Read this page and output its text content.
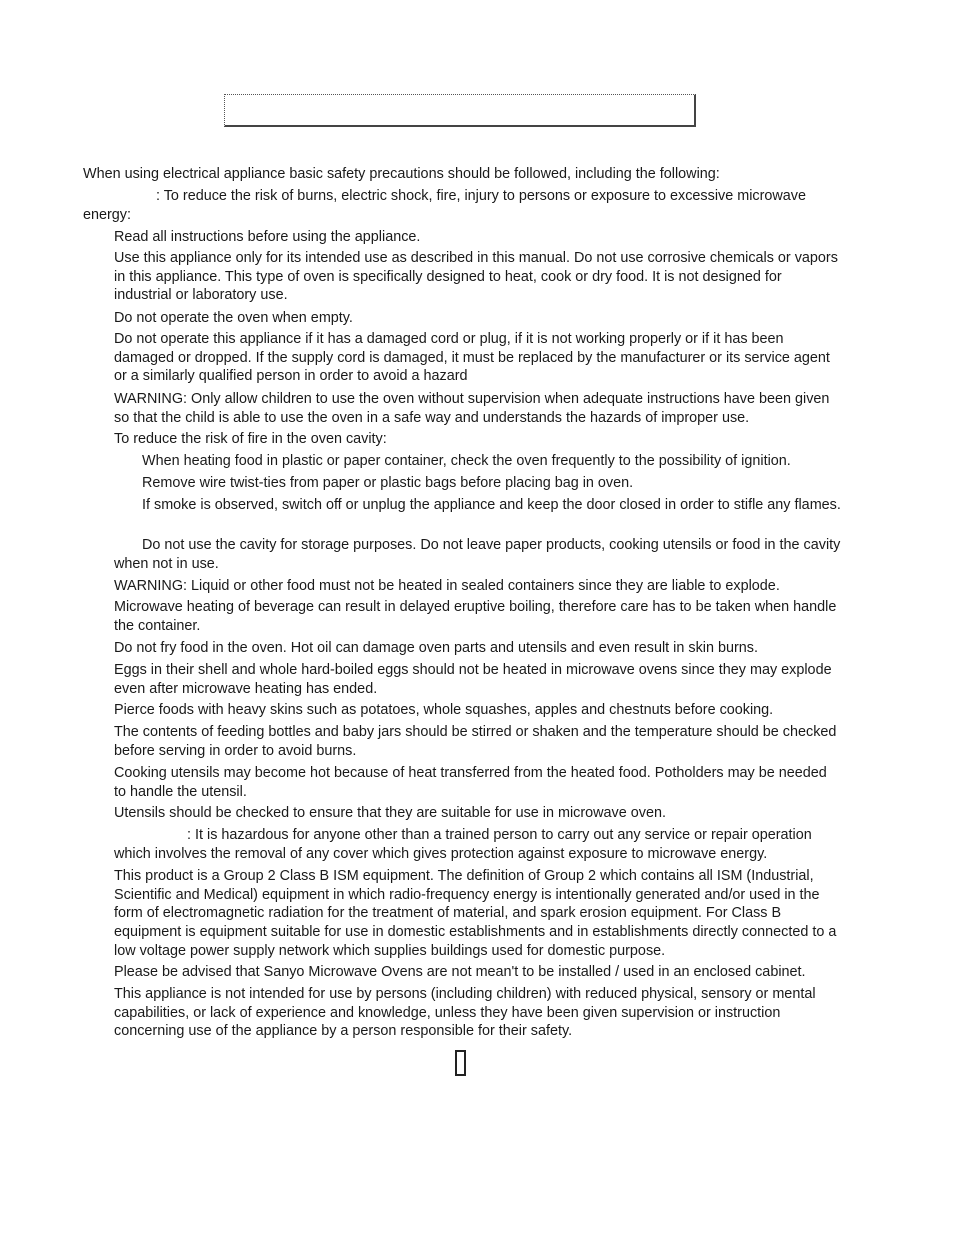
When using electrical appliance basic safety precautions should be followed, including the following:

: To reduce the risk of burns, electric shock, fire, injury to persons or exposure to excessive microwave energy:

Read all instructions before using the appliance.

Use this appliance only for its intended use as described in this manual. Do not use corrosive chemicals or vapors in this appliance. This type of oven is specifically designed to heat, cook or dry food. It is not designed for industrial or laboratory use.

Do not operate the oven when empty.

Do not operate this appliance if it has a damaged cord or plug, if it is not working properly or if it has been damaged or dropped. If the supply cord is damaged, it must be replaced by the manufacturer or its service agent or a similarly qualified person in order to avoid a hazard

WARNING: Only allow children to use the oven without supervision when adequate instructions have been given so that the child is able to use the oven in a safe way and understands the hazards of improper use.

To reduce the risk of fire in the oven cavity:

When heating food in plastic or paper container, check the oven frequently to the possibility of ignition.

Remove wire twist-ties from paper or plastic bags before placing bag in oven.

If smoke is observed, switch off or unplug the appliance and keep the door closed in order to stifle any flames.

Do not use the cavity for storage purposes. Do not leave paper products, cooking utensils or food in the cavity when not in use.

WARNING: Liquid or other food must not be heated in sealed containers since they are liable to explode.

Microwave heating of beverage can result in delayed eruptive boiling, therefore care has to be taken when handle the container.

Do not fry food in the oven. Hot oil can damage oven parts and utensils and even result in skin burns.

Eggs in their shell and whole hard-boiled eggs should not be heated in microwave ovens since they may explode even after microwave heating has ended.

Pierce foods with heavy skins such as potatoes, whole squashes, apples and chestnuts before cooking.

The contents of feeding bottles and baby jars should be stirred or shaken and the temperature should be checked before serving in order to avoid burns.

Cooking utensils may become hot because of heat transferred from the heated food. Potholders may be needed to handle the utensil.

Utensils should be checked to ensure that they are suitable for use in microwave oven.

: It is hazardous for anyone other than a trained person to carry out any service or repair operation which involves the removal of any cover which gives protection against exposure to microwave energy.

This product is a Group 2 Class B ISM equipment. The definition of Group 2 which contains all ISM (Industrial, Scientific and Medical) equipment in which radio-frequency energy is intentionally generated and/or used in the form of electromagnetic radiation for the treatment of material, and spark erosion equipment. For Class B equipment is equipment suitable for use in domestic establishments and in establishments directly connected to a low voltage power supply network which supplies buildings used for domestic purpose.

Please be advised that Sanyo Microwave Ovens are not mean't to be installed / used in an enclosed cabinet.

This appliance is not intended for use by persons (including children) with reduced physical, sensory or mental capabilities, or lack of experience and knowledge, unless they have been given supervision or instruction concerning use of the appliance by a person responsible for their safety.
